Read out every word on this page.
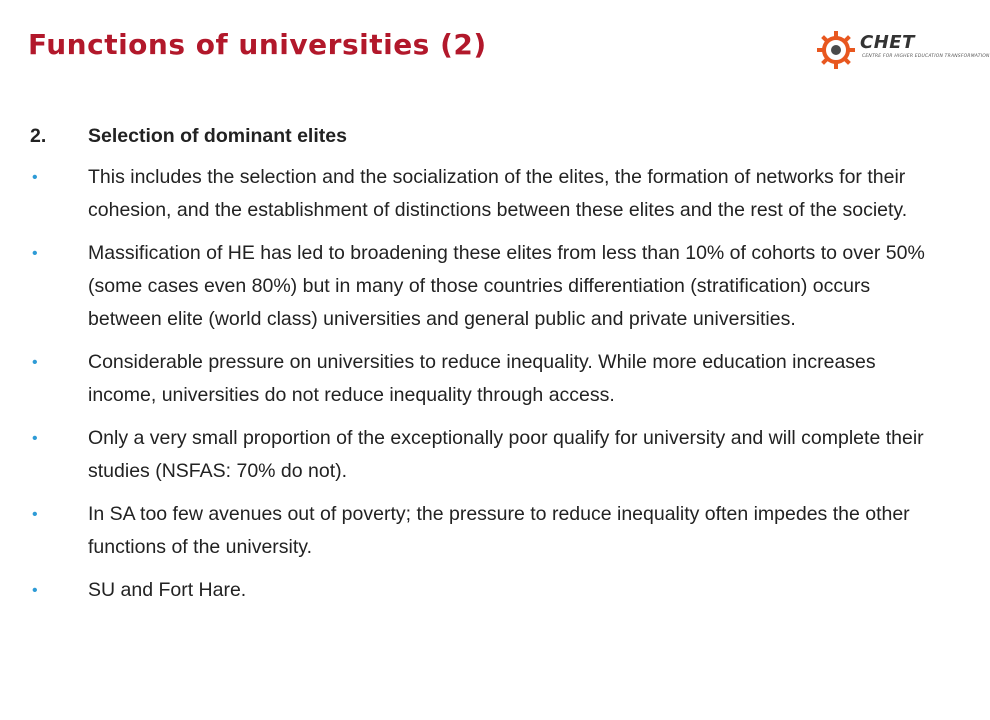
Functions of universities (2)	CHET
CENTRE FOR HIGHER EDUCATION TRANSFORMATION
2.	Selection of dominant elites
•	This includes the selection and the socialization of the elites, the formation of networks for their cohesion, and the establishment of distinctions between these elites and the rest of the society.
•	Massification of HE has led to broadening these elites from less than 10% of cohorts to over 50% (some cases even 80%) but in many of those countries differentiation (stratification) occurs between elite (world class) universities and general public and private universities.
•	Considerable pressure on universities to reduce inequality. While more education increases income, universities do not reduce inequality through access.
•	Only a very small proportion of the exceptionally poor qualify for university and will complete their studies (NSFAS: 70% do not).
•	In SA too few avenues out of poverty; the pressure to reduce inequality often impedes the other functions of the university.
•	SU and Fort Hare.
